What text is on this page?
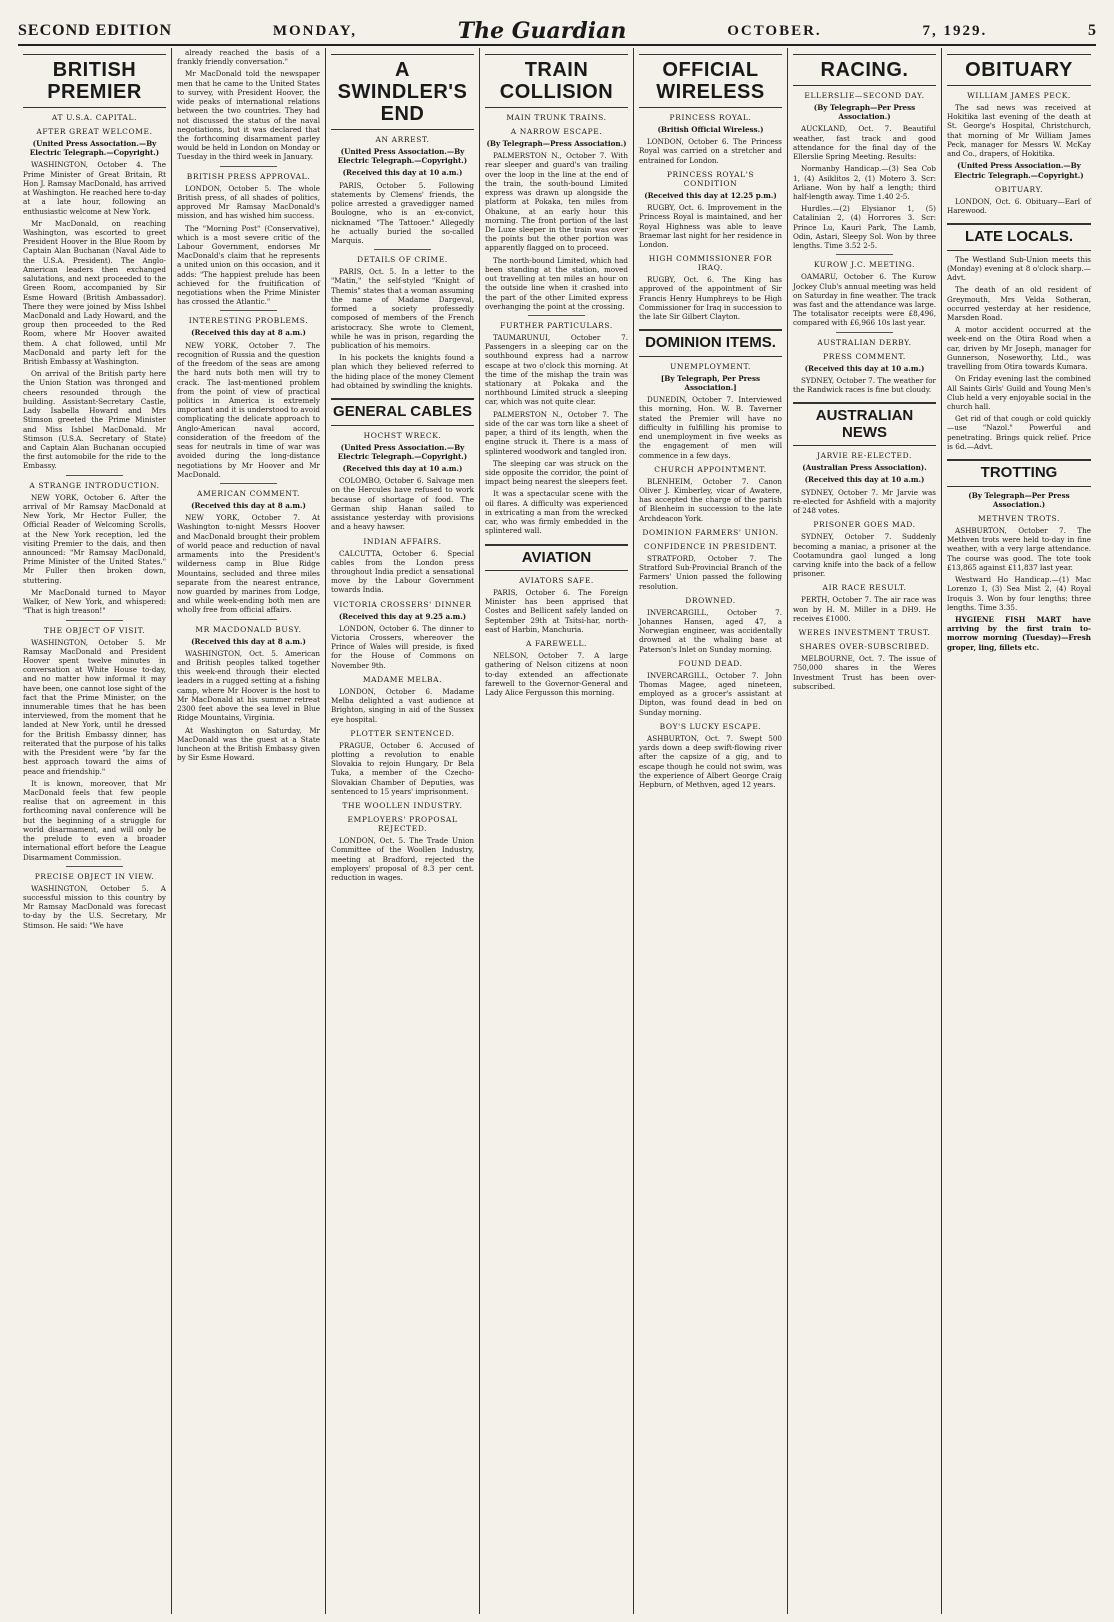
SECOND EDITION	MONDAY,	The Guardian	OCTOBER.	7, 1929.	5
BRITISH PREMIER
AT U.S.A. CAPITAL.
AFTER GREAT WELCOME.

(United Press Association.—By Electric Telegraph.—Copyright.)

WASHINGTON, October 4. The Prime Minister of Great Britain, Rt Hon J. Ramsay MacDonald, has arrived at Washington. He reached here to-day at a late hour, following an enthusiastic welcome at New York.

Mr MacDonald, on reaching Washington, was escorted to greet President Hoover in the Blue Room by Captain Alan Buchanan (Naval Aide to the U.S.A. President). The Anglo-American leaders then exchanged salutations, and next proceeded to the Green Room, accompanied by Sir Esme Howard (British Ambassador). There they were joined by Miss Ishbel MacDonald and Lady Howard, and the group then proceeded to the Red Room, where Mr Hoover awaited them. A chat followed, until Mr MacDonald and party left for the British Embassy at Washington.

On arrival of the British party here the Union Station was thronged and cheers resounded through the building. Assistant-Secretary Castle, Lady Isabella Howard and Mrs Stimson greeted the Prime Minister and Miss Ishbel MacDonald. Mr Stimson (U.S.A. Secretary of State) and Captain Alan Buchanan occupied the first automobile for the ride to the Embassy.

A STRANGE INTRODUCTION.

NEW YORK, October 6. After the arrival of Mr Ramsay MacDonald at New York, Mr Hector Fuller, the Official Reader of Welcoming Scrolls, at the New York reception, led the visiting Premier to the dais, and then announced: "Mr Ramsay MacDonald, Prime Minister of the United States." Mr Fuller then broken down, stuttering.

Mr MacDonald turned to Mayor Walker, of New York, and whispered: "That is high treason!"

THE OBJECT OF VISIT.

WASHINGTON, October 5. Mr Ramsay MacDonald and President Hoover spent twelve minutes in conversation at White House to-day, and no matter how informal it may have been, one cannot lose sight of the fact that the Prime Minister, on the innumerable times that he has been interviewed, from the moment that he landed at New York, until he dressed for the British Embassy dinner, has reiterated that the purpose of his talks with the President were "by far the best approach toward the aims of peace and friendship."

It is known, moreover, that Mr MacDonald feels that few people realise that on agreement in this forthcoming naval conference will be but the beginning of a struggle for world disarmament, and will only be the prelude to even a broader international effort before the League Disarmament Commission.

PRECISE OBJECT IN VIEW.

WASHINGTON, October 5. A successful mission to this country by Mr Ramsay MacDonald was forecast to-day by the U.S. Secretary, Mr Stimson. He said: "We have

already reached the basis of a frankly friendly conversation."

Mr MacDonald told the newspaper men that he came to the United States to survey, with President Hoover, the wide peaks of international relations between the two countries. They had not discussed the status of the naval negotiations, but it was declared that the forthcoming disarmament parley would be held in London on Monday or Tuesday in the third week in January.

BRITISH PRESS APPROVAL.

LONDON, October 5. The whole British press, of all shades of politics, approved Mr Ramsay MacDonald's mission, and has wished him success.

The "Morning Post" (Conservative), which is a most severe critic of the Labour Government, endorses Mr MacDonald's claim that he represents a united union on this occasion, and it adds: "The happiest prelude has been achieved for the fruitification of negotiations when the Prime Minister has crossed the Atlantic."

INTERESTING PROBLEMS.

(Received this day at 8 a.m.)

NEW YORK, October 7. The recognition of Russia and the question of the freedom of the seas are among the hard nuts both men will try to crack. The last-mentioned problem from the point of view of practical politics in America is extremely important and it is understood to avoid complicating the delicate approach to Anglo-American naval accord, consideration of the freedom of the seas for neutrals in time of war was avoided during the long-distance negotiations by Mr Hoover and Mr MacDonald.

AMERICAN COMMENT.

(Received this day at 8 a.m.)

NEW YORK, October 7. At Washington to-night Messrs Hoover and MacDonald brought their problem of world peace and reduction of naval armaments into the President's wilderness camp in Blue Ridge Mountains, secluded and three miles separate from the nearest entrance, now guarded by marines from Lodge, and while week-ending both men are wholly free from official affairs.

MR MACDONALD BUSY.

(Received this day at 8 a.m.)

WASHINGTON, Oct. 5. American and British peoples talked together this week-end through their elected leaders in a rugged setting at a fishing camp, where Mr Hoover is the host to Mr MacDonald at his summer retreat 2300 feet above the sea level in Blue Ridge Mountains, Virginia.

At Washington on Saturday, Mr MacDonald was the guest at a State luncheon at the British Embassy given by Sir Esme Howard.

A SWINDLER'S END
AN ARREST.

(United Press Association.—By Electric Telegraph.—Copyright.)

(Received this day at 10 a.m.)

PARIS, October 5. Following statements by Clemens' friends, the police arrested a gravedigger named Boulogne, who is an ex-convict, nicknamed "The Tattooer." Allegedly he actually buried the so-called Marquis.

DETAILS OF CRIME.

PARIS, Oct. 5. In a letter to the "Matin," the self-styled "Knight of Themis" states that a woman assuming the name of Madame Dargeval, formed a society professedly composed of members of the French aristocracy. She wrote to Clement, while he was in prison, regarding the publication of his memoirs.

In his pockets the knights found a plan which they believed referred to the hiding place of the money Clement had obtained by swindling the knights.

GENERAL CABLES
HOCHST WRECK.

(United Press Association.—By Electric Telegraph.—Copyright.)

(Received this day at 10 a.m.)

COLOMBO, October 6. Salvage men on the Hercules have refused to work because of shortage of food. The German ship Hanan sailed to assistance yesterday with provisions and a heavy hawser.

INDIAN AFFAIRS.

CALCUTTA, October 6. Special cables from the London press throughout India predict a sensational move by the Labour Government towards India.

VICTORIA CROSSERS' DINNER

(Received this day at 9.25 a.m.)

LONDON, October 6. The dinner to Victoria Crossers, whereover the Prince of Wales will preside, is fixed for the House of Commons on November 9th.

MADAME MELBA.

LONDON, October 6. Madame Melba delighted a vast audience at Brighton, singing in aid of the Sussex eye hospital.

PLOTTER SENTENCED.

PRAGUE, October 6. Accused of plotting a revolution to enable Slovakia to rejoin Hungary, Dr Bela Tuka, a member of the Czecho-Slovakian Chamber of Deputies, was sentenced to 15 years' imprisonment.

THE WOOLLEN INDUSTRY.
EMPLOYERS' PROPOSAL REJECTED.

LONDON, Oct. 5. The Trade Union Committee of the Woollen Industry, meeting at Bradford, rejected the employers' proposal of 8.3 per cent. reduction in wages.

TRAIN COLLISION
MAIN TRUNK TRAINS.
A NARROW ESCAPE.

(By Telegraph—Press Association.)

PALMERSTON N., October 7. With rear sleeper and guard's van trailing over the loop in the line at the end of the train, the south-bound Limited express was drawn up alongside the platform at Pokaka, ten miles from Ohakune, at an early hour this morning. The front portion of the last De Luxe sleeper in the train was over the points but the other portion was apparently flagged on to proceed.

The north-bound Limited, which had been standing at the station, moved out travelling at ten miles an hour on the outside line when it crashed into the part of the other Limited express overhanging the point at the crossing.

FURTHER PARTICULARS.

TAUMARUNUI, October 7. Passengers in a sleeping car on the southbound express had a narrow escape at two o'clock this morning. At the time of the mishap the train was stationary at Pokaka and the northbound Limited struck a sleeping car, which was not quite clear.

PALMERSTON N., October 7. The side of the car was torn like a sheet of paper, a third of its length, when the engine struck it. There is a mass of splintered woodwork and tangled iron.

The sleeping car was struck on the side opposite the corridor, the point of impact being nearest the sleepers feet.

It was a spectacular scene with the oil flares. A difficulty was experienced in extricating a man from the wrecked car, who was firmly embedded in the splintered wall.

AVIATION
AVIATORS SAFE.

PARIS, October 6. The Foreign Minister has been apprised that Costes and Bellicent safely landed on September 29th at Tsitsi-har, north-east of Harbin, Manchuria.

A FAREWELL.

NELSON, October 7. A large gathering of Nelson citizens at noon to-day extended an affectionate farewell to the Governor-General and Lady Alice Fergusson this morning.

OFFICIAL WIRELESS
PRINCESS ROYAL.

(British Official Wireless.)

LONDON, October 6. The Princess Royal was carried on a stretcher and entrained for London.

PRINCESS ROYAL'S CONDITION

(Received this day at 12.25 p.m.)

RUGBY, Oct. 6. Improvement in the Princess Royal is maintained, and her Royal Highness was able to leave Braemar last night for her residence in London.

HIGH COMMISSIONER FOR IRAQ.

RUGBY, Oct. 6. The King has approved of the appointment of Sir Francis Henry Humphreys to be High Commissioner for Iraq in succession to the late Sir Gilbert Clayton.

DOMINION ITEMS.
UNEMPLOYMENT.

[By Telegraph, Per Press Association.]

DUNEDIN, October 7. Interviewed this morning, Hon. W. B. Taverner stated the Premier will have no difficulty in fulfilling his promise to end unemployment in five weeks as the engagement of men will commence in a few days.

CHURCH APPOINTMENT.

BLENHEIM, October 7. Canon Oliver J. Kimberley, vicar of Awatere, has accepted the charge of the parish of Blenheim in succession to the late Archdeacon York.

DOMINION FARMERS' UNION.
CONFIDENCE IN PRESIDENT.

STRATFORD, October 7. The Stratford Sub-Provincial Branch of the Farmers' Union passed the following resolution.

DROWNED.

INVERCARGILL, October 7. Johannes Hansen, aged 47, a Norwegian engineer, was accidentally drowned at the whaling base at Paterson's Inlet on Sunday morning.

FOUND DEAD.

INVERCARGILL, October 7. John Thomas Magee, aged nineteen, employed as a grocer's assistant at Dipton, was found dead in bed on Sunday morning.

BOY'S LUCKY ESCAPE.

ASHBURTON, Oct. 7. Swept 500 yards down a deep swift-flowing river after the capsize of a gig, and to escape though he could not swim, was the experience of Albert George Craig Hepburn, of Methven, aged 12 years.

RACING.
ELLERSLIE—SECOND DAY.

(By Telegraph—Per Press Association.)

AUCKLAND, Oct. 7. Beautiful weather, fast track and good attendance for the final day of the Ellerslie Spring Meeting. Results:

Normanby Handicap.—(3) Sea Cob 1, (4) Asiklitos 2, (1) Motero 3. Scr: Arliane. Won by half a length; third half-length away. Time 1.40 2-5.

Hurdles.—(2) Elysianor 1, (5) Catalinian 2, (4) Horrores 3. Scr: Prince Lu, Kauri Park, The Lamb, Odin, Astari, Sleepy Sol. Won by three lengths. Time 3.52 2-5.

KUROW J.C. MEETING.

OAMARU, October 6. The Kurow Jockey Club's annual meeting was held on Saturday in fine weather. The track was fast and the attendance was large. The totalisator receipts were £8,496, compared with £6,966 10s last year.

AUSTRALIAN DERBY.
PRESS COMMENT.

(Received this day at 10 a.m.)

SYDNEY, October 7. The weather for the Randwick races is fine but cloudy.

AUSTRALIAN NEWS
JARVIE RE-ELECTED.

(Australian Press Association).

(Received this day at 10 a.m.)

SYDNEY, October 7. Mr Jarvie was re-elected for Ashfield with a majority of 248 votes.

PRISONER GOES MAD.

SYDNEY, October 7. Suddenly becoming a maniac, a prisoner at the Cootamundra gaol lunged a long carving knife into the back of a fellow prisoner.

AIR RACE RESULT.

PERTH, October 7. The air race was won by H. M. Miller in a DH9. He receives £1000.

WERES INVESTMENT TRUST.
SHARES OVER-SUBSCRIBED.

MELBOURNE, Oct. 7. The issue of 750,000 shares in the Weres Investment Trust has been over-subscribed.

OBITUARY
WILLIAM JAMES PECK.

The sad news was received at Hokitika last evening of the death at St. George's Hospital, Christchurch, that morning of Mr William James Peck, manager for Messrs W. McKay and Co., drapers, of Hokitika.

(United Press Association.—By Electric Telegraph.—Copyright.)

OBITUARY.

LONDON, Oct. 6. Obituary—Earl of Harewood.

LATE LOCALS.

The Westland Sub-Union meets this (Monday) evening at 8 o'clock sharp.—Advt.

The death of an old resident of Greymouth, Mrs Velda Sotheran, occurred yesterday at her residence, Marsden Road.

A motor accident occurred at the week-end on the Otira Road when a car, driven by Mr Joseph, manager for Gunnerson, Noseworthy, Ltd., was travelling from Otira towards Kumara.

On Friday evening last the combined All Saints Girls' Guild and Young Men's Club held a very enjoyable social in the church hall.

Get rid of that cough or cold quickly—use "Nazol." Powerful and penetrating. Brings quick relief. Price is 6d.—Advt.

TROTTING

(By Telegraph—Per Press Association.)

METHVEN TROTS.

ASHBURTON, October 7. The Methven trots were held to-day in fine weather, with a very large attendance. The course was good. The tote took £13,865 against £11,837 last year.

Westward Ho Handicap.—(1) Mac Lorenzo 1, (3) Sea Mist 2, (4) Royal Iroquis 3. Won by four lengths; three lengths. Time 3.35.

HYGIENE FISH MART have arriving by the first train to-morrow morning (Tuesday)—Fresh groper, ling, fillets etc.
